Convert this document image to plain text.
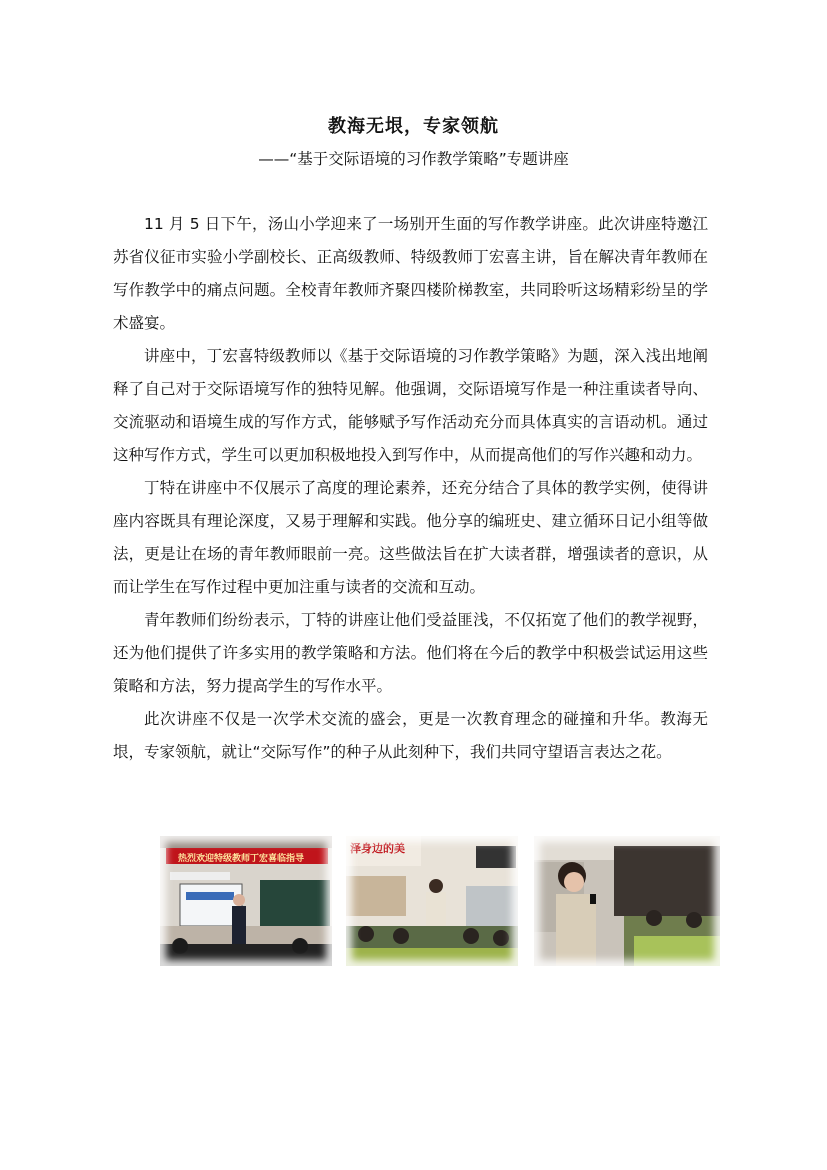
教海无垠，专家领航
——“基于交际语境的习作教学策略”专题讲座

11 月 5 日下午，汤山小学迎来了一场别开生面的写作教学讲座。此次讲座特邀江苏省仪征市实验小学副校长、正高级教师、特级教师丁宏喜主讲，旨在解决青年教师在写作教学中的痛点问题。全校青年教师齐聚四楼阶梯教室，共同聆听这场精彩纷呈的学术盛宴。

讲座中，丁宏喜特级教师以《基于交际语境的习作教学策略》为题，深入浅出地阐释了自己对于交际语境写作的独特见解。他强调，交际语境写作是一种注重读者导向、交流驱动和语境生成的写作方式，能够赋予写作活动充分而具体真实的言语动机。通过这种写作方式，学生可以更加积极地投入到写作中，从而提高他们的写作兴趣和动力。

丁特在讲座中不仅展示了高度的理论素养，还充分结合了具体的教学实例，使得讲座内容既具有理论深度，又易于理解和实践。他分享的编班史、建立循环日记小组等做法，更是让在场的青年教师眼前一亮。这些做法旨在扩大读者群，增强读者的意识，从而让学生在写作过程中更加注重与读者的交流和互动。

青年教师们纷纷表示，丁特的讲座让他们受益匪浅，不仅拓宽了他们的教学视野，还为他们提供了许多实用的教学策略和方法。他们将在今后的教学中积极尝试运用这些策略和方法，努力提高学生的写作水平。

此次讲座不仅是一次学术交流的盛会，更是一次教育理念的碰撞和升华。教海无垠，专家领航，就让“交际写作”的种子从此刻种下，我们共同守望语言表达之花。

热烈欢迎特级教师丁宏喜临指导
泽身边的美
